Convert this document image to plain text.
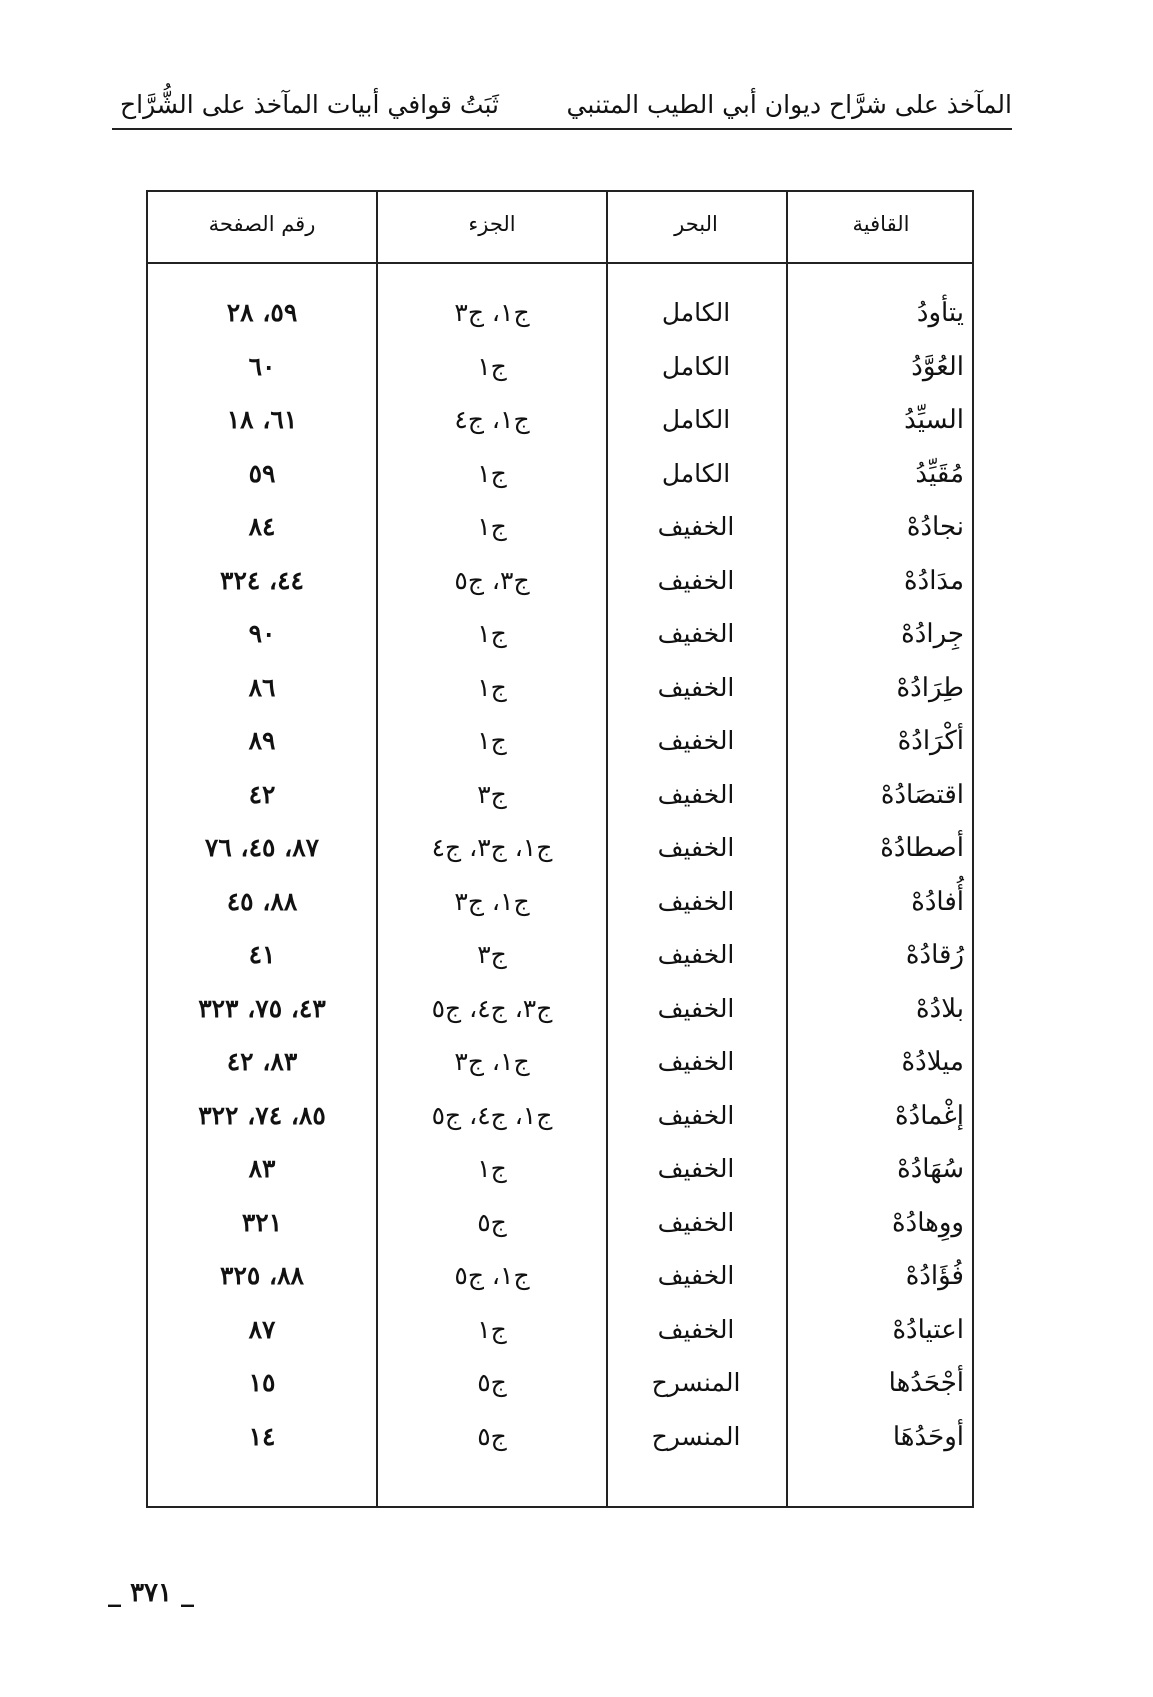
المآخذ على شرَّاح ديوان أبي الطيب المتنبي
ثَبَتُ قوافي أبيات المآخذ على الشُّرَّاح
القافية
البحر
الجزء
رقم الصفحة
يتأودُ
الكامل
ج١، ج٣
٥٩، ٢٨
العُوَّدُ
الكامل
ج١
٦٠
السيِّدُ
الكامل
ج١، ج٤
٦١، ١٨
مُقَيِّدُ
الكامل
ج١
٥٩
نجادُهْ
الخفيف
ج١
٨٤
مدَادُهْ
الخفيف
ج٣، ج٥
٤٤، ٣٢٤
جِرادُهْ
الخفيف
ج١
٩٠
طِرَادُهْ
الخفيف
ج١
٨٦
أكْرَادُهْ
الخفيف
ج١
٨٩
اقتصَادُهْ
الخفيف
ج٣
٤٢
أصطادُهْ
الخفيف
ج١، ج٣، ج٤
٨٧، ٤٥، ٧٦
أُفادُهْ
الخفيف
ج١، ج٣
٨٨، ٤٥
رُقادُهْ
الخفيف
ج٣
٤١
بلادُهْ
الخفيف
ج٣، ج٤، ج٥
٤٣، ٧٥، ٣٢٣
ميلادُهْ
الخفيف
ج١، ج٣
٨٣، ٤٢
إغْمادُهْ
الخفيف
ج١، ج٤، ج٥
٨٥، ٧٤، ٣٢٢
سُهَادُهْ
الخفيف
ج١
٨٣
ووِهادُهْ
الخفيف
ج٥
٣٢١
فُؤَادُهْ
الخفيف
ج١، ج٥
٨٨، ٣٢٥
اعتيادُهْ
الخفيف
ج١
٨٧
أجْحَدُها
المنسرح
ج٥
١٥
أوحَدُهَا
المنسرح
ج٥
١٤
_ ٣٧١ _
